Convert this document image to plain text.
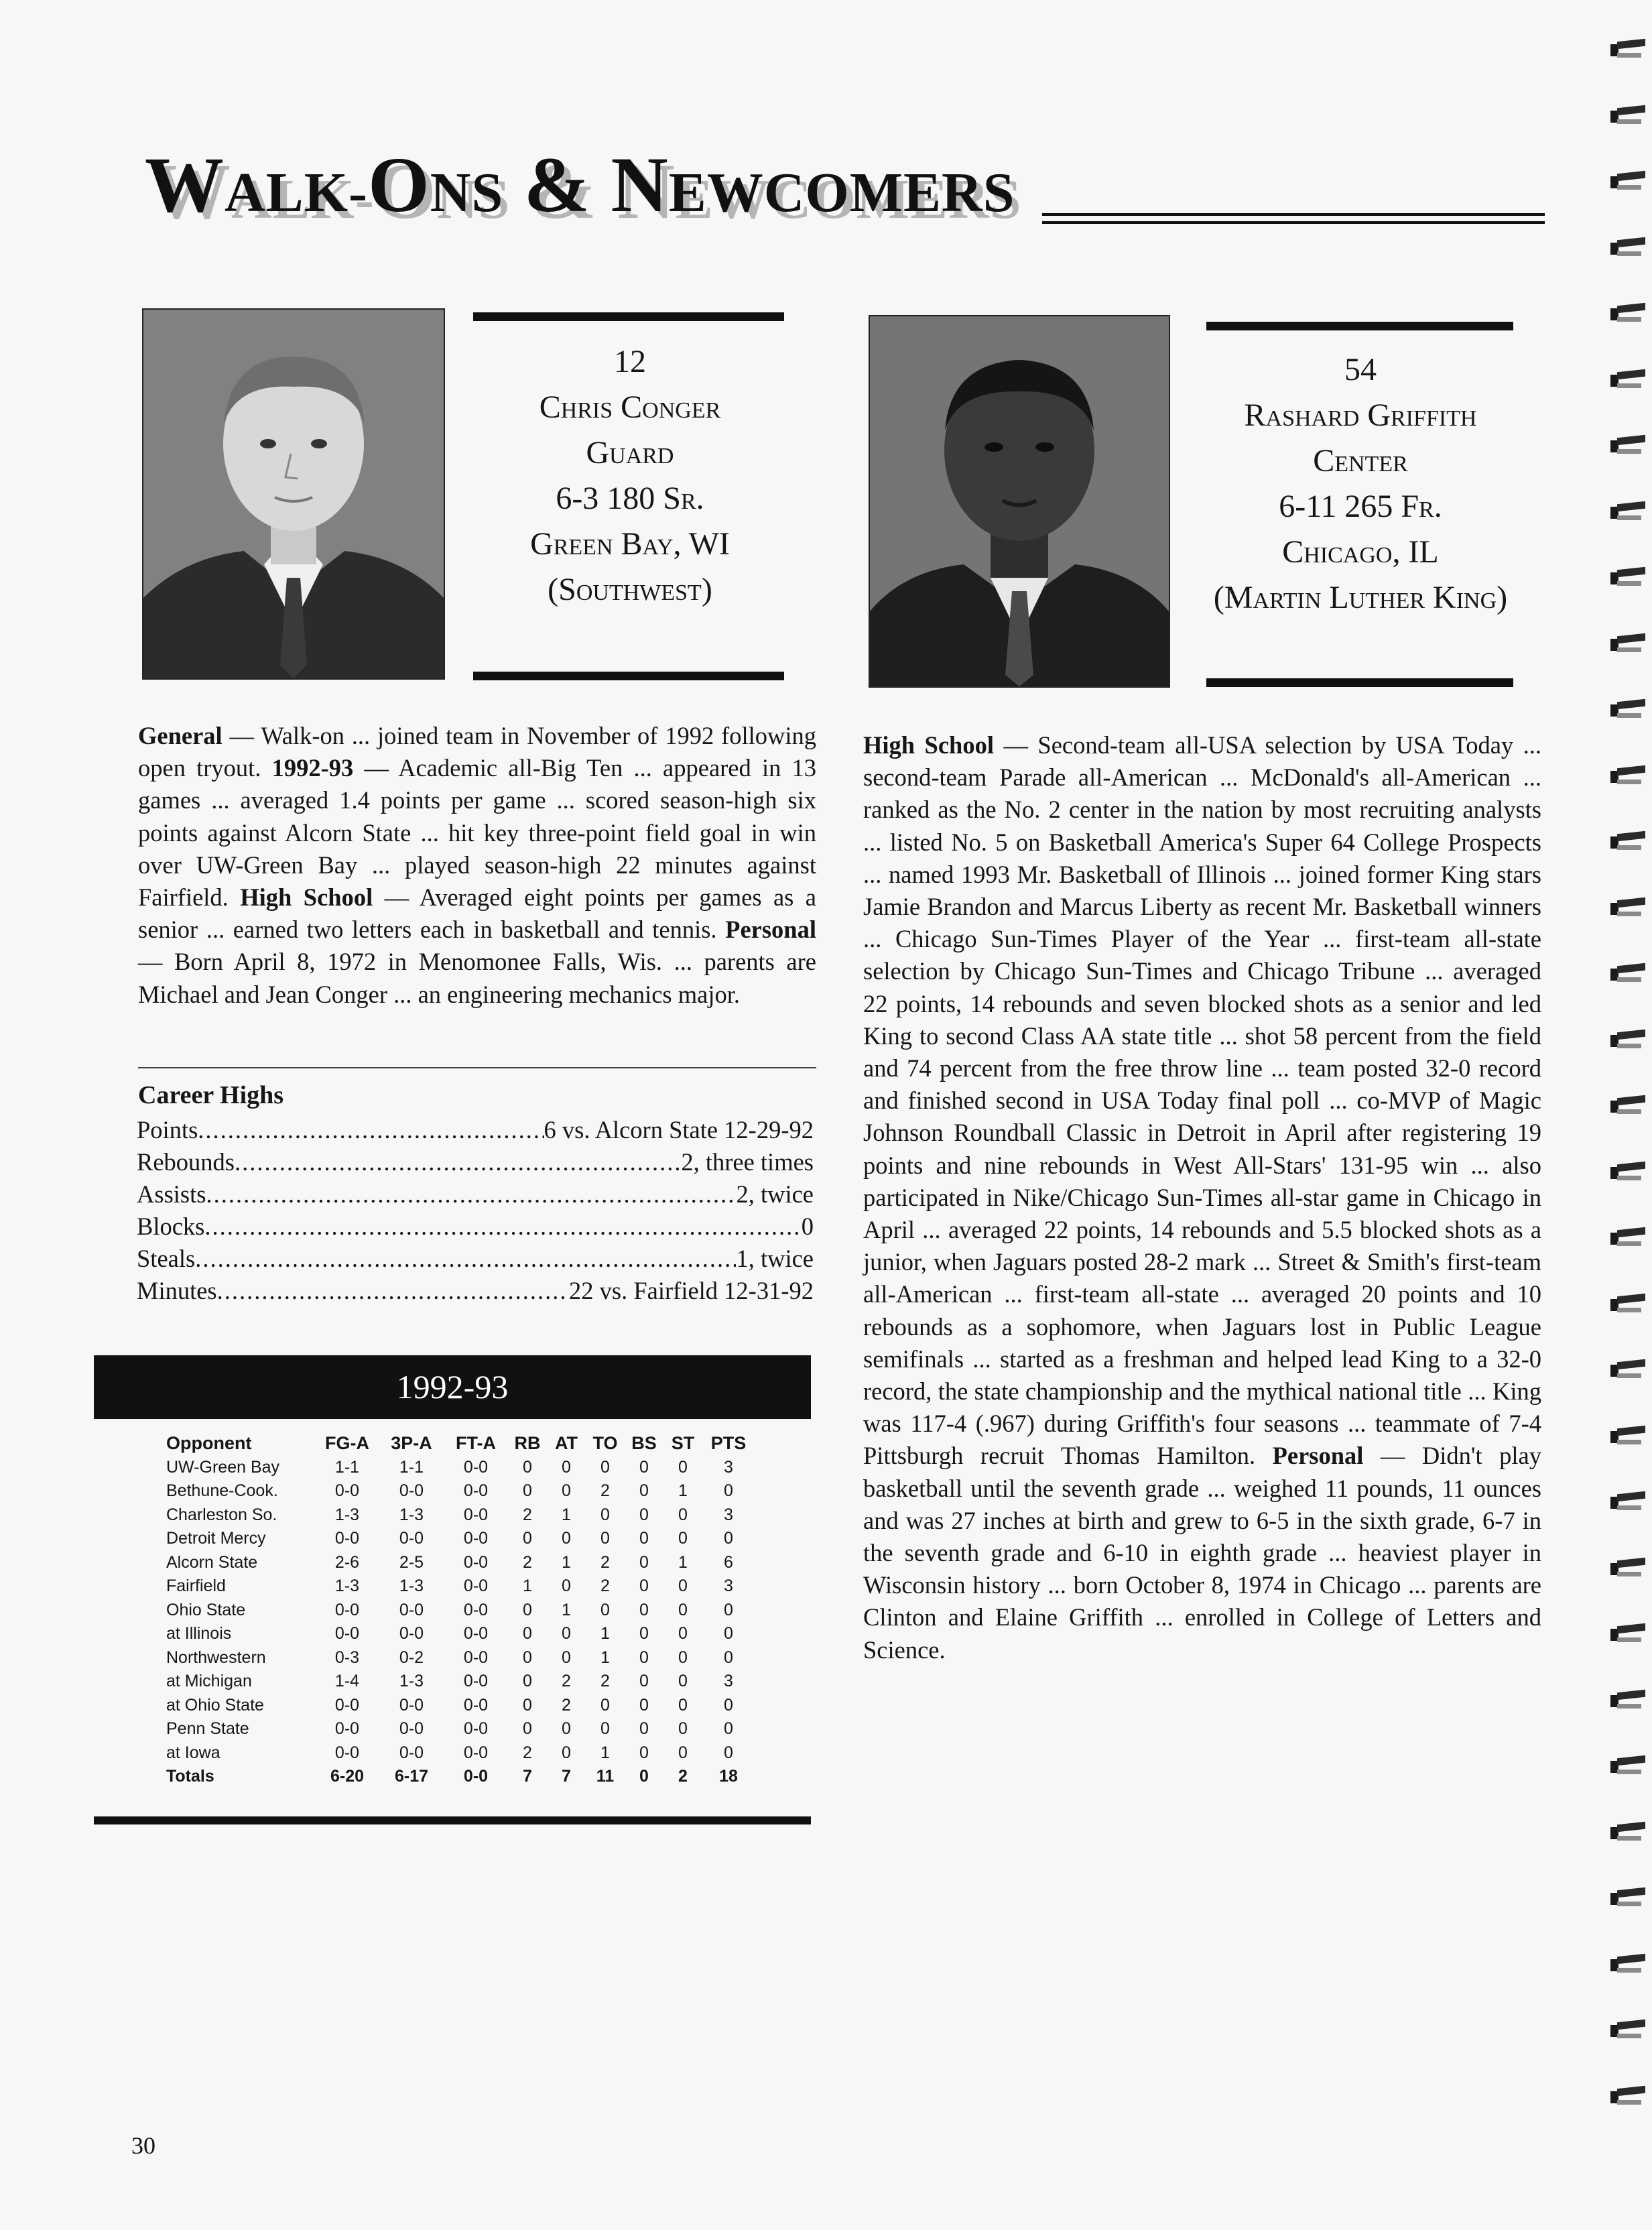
WALK-ONS & NEWCOMERS
12
Chris Conger
Guard
6-3 180 Sr.
Green Bay, WI
(Southwest)
General — Walk-on ... joined team in November of 1992 following open tryout. 1992-93 — Academic all-Big Ten ... appeared in 13 games ... averaged 1.4 points per game ... scored season-high six points against Alcorn State ... hit key three-point field goal in win over UW-Green Bay ... played season-high 22 minutes against Fairfield. High School — Averaged eight points per games as a senior ... earned two letters each in basketball and tennis. Personal — Born April 8, 1972 in Menomonee Falls, Wis. ... parents are Michael and Jean Conger ... an engineering mechanics major.
Career Highs
Points .....	6 vs. Alcorn State 12-29-92
Rebounds .....	2, three times
Assists .....	2, twice
Blocks .....	0
Steals .....	1, twice
Minutes .....	22 vs. Fairfield 12-31-92
1992-93
Opponent	FG-A	3P-A	FT-A	RB	AT	TO	BS	ST	PTS
UW-Green Bay	1-1	1-1	0-0	0	0	0	0	0	3
Bethune-Cook.	0-0	0-0	0-0	0	0	2	0	1	0
Charleston So.	1-3	1-3	0-0	2	1	0	0	0	3
Detroit Mercy	0-0	0-0	0-0	0	0	0	0	0	0
Alcorn State	2-6	2-5	0-0	2	1	2	0	1	6
Fairfield	1-3	1-3	0-0	1	0	2	0	0	3
Ohio State	0-0	0-0	0-0	0	1	0	0	0	0
at Illinois	0-0	0-0	0-0	0	0	1	0	0	0
Northwestern	0-3	0-2	0-0	0	0	1	0	0	0
at Michigan	1-4	1-3	0-0	0	2	2	0	0	3
at Ohio State	0-0	0-0	0-0	0	2	0	0	0	0
Penn State	0-0	0-0	0-0	0	0	0	0	0	0
at Iowa	0-0	0-0	0-0	2	0	1	0	0	0
Totals	6-20	6-17	0-0	7	7	11	0	2	18
54
Rashard Griffith
Center
6-11 265 Fr.
Chicago, IL
(Martin Luther King)
High School — Second-team all-USA selection by USA Today ... second-team Parade all-American ... McDonald's all-American ... ranked as the No. 2 center in the nation by most recruiting analysts ... listed No. 5 on Basketball America's Super 64 College Prospects ... named 1993 Mr. Basketball of Illinois ... joined former King stars Jamie Brandon and Marcus Liberty as recent Mr. Basketball winners ... Chicago Sun-Times Player of the Year ... first-team all-state selection by Chicago Sun-Times and Chicago Tribune ... averaged 22 points, 14 rebounds and seven blocked shots as a senior and led King to second Class AA state title ... shot 58 percent from the field and 74 percent from the free throw line ... team posted 32-0 record and finished second in USA Today final poll ... co-MVP of Magic Johnson Roundball Classic in Detroit in April after registering 19 points and nine rebounds in West All-Stars' 131-95 win ... also participated in Nike/Chicago Sun-Times all-star game in Chicago in April ... averaged 22 points, 14 rebounds and 5.5 blocked shots as a junior, when Jaguars posted 28-2 mark ... Street & Smith's first-team all-American ... first-team all-state ... averaged 20 points and 10 rebounds as a sophomore, when Jaguars lost in Public League semifinals ... started as a freshman and helped lead King to a 32-0 record, the state championship and the mythical national title ... King was 117-4 (.967) during Griffith's four seasons ... teammate of 7-4 Pittsburgh recruit Thomas Hamilton. Personal — Didn't play basketball until the seventh grade ... weighed 11 pounds, 11 ounces and was 27 inches at birth and grew to 6-5 in the sixth grade, 6-7 in the seventh grade and 6-10 in eighth grade ... heaviest player in Wisconsin history ... born October 8, 1974 in Chicago ... parents are Clinton and Elaine Griffith ... enrolled in College of Letters and Science.
30
